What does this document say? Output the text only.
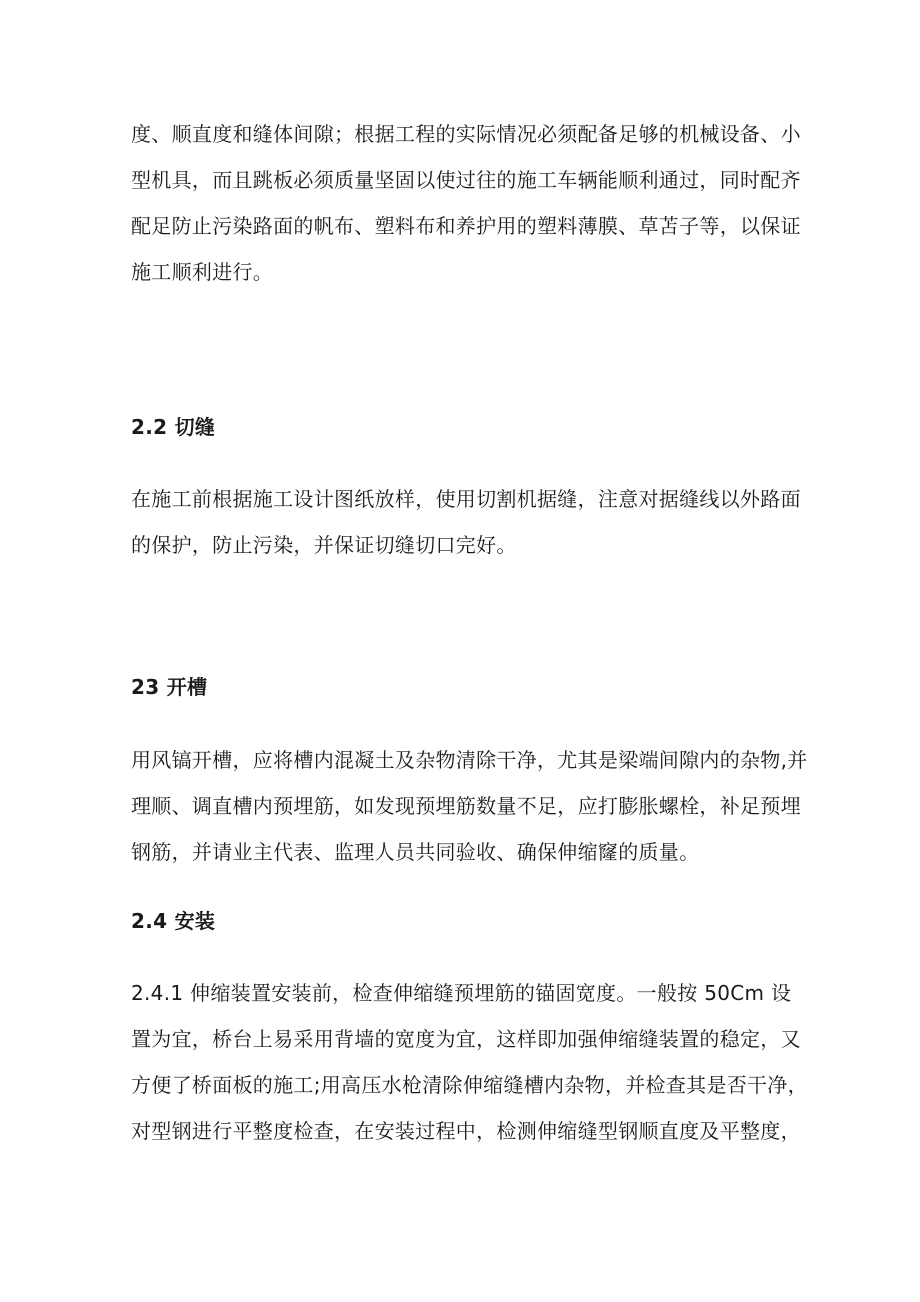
度、顺直度和缝体间隙；根据工程的实际情况必须配备足够的机械设备、小
型机具，而且跳板必须质量坚固以使过往的施工车辆能顺利通过，同时配齐
配足防止污染路面的帆布、塑料布和养护用的塑料薄膜、草苫子等，以保证
施工顺利进行。

2.2 切缝

在施工前根据施工设计图纸放样，使用切割机据缝，注意对据缝线以外路面
的保护，防止污染，并保证切缝切口完好。

23 开槽

用风镐开槽，应将槽内混凝土及杂物清除干净，尤其是梁端间隙内的杂物,并
理顺、调直槽内预埋筋，如发现预埋筋数量不足，应打膨胀螺栓，补足预埋
钢筋，并请业主代表、监理人员共同验收、确保伸缩窿的质量。

2.4 安装

2.4.1 伸缩装置安装前，检查伸缩缝预埋筋的锚固宽度。一般按 50Cm 设
置为宜，桥台上易采用背墙的宽度为宜，这样即加强伸缩缝装置的稳定，又
方便了桥面板的施工;用高压水枪清除伸缩缝槽内杂物，并检查其是否干净，
对型钢进行平整度检查，在安装过程中，检测伸缩缝型钢顺直度及平整度，
